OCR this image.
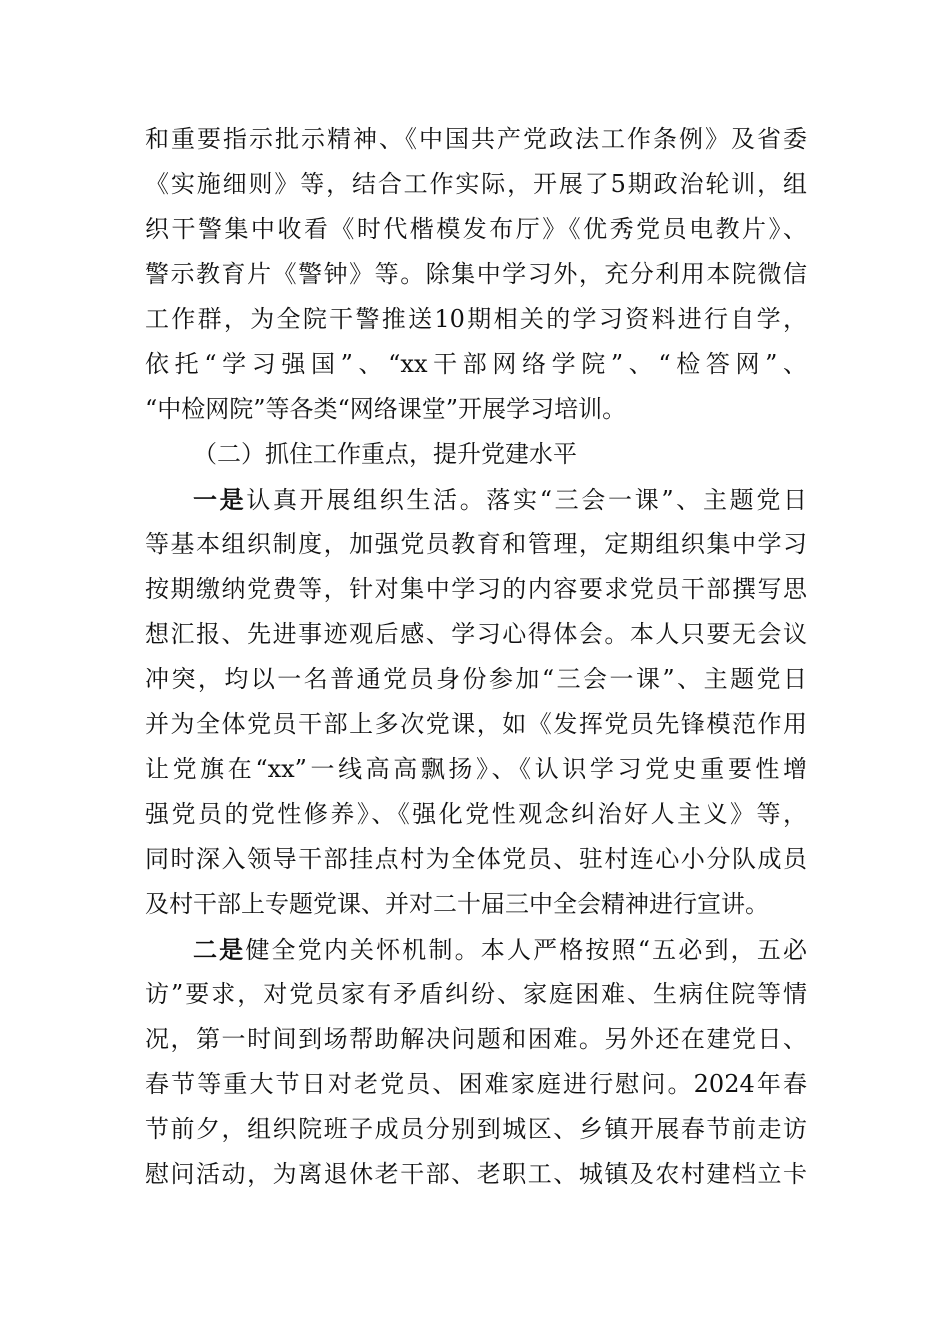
和重要指示批示精神、《中国共产党政法工作条例》及省委
《实施细则》等，结合工作实际，开展了5期政治轮训，组
织干警集中收看《时代楷模发布厅》《优秀党员电教片》、
警示教育片《警钟》等。除集中学习外，充分利用本院微信
工作群，为全院干警推送10期相关的学习资料进行自学，
依托“学习强国”、“xx干部网络学院”、“检答网”、
“中检网院”等各类“网络课堂”开展学习培训。
（二）抓住工作重点，提升党建水平
一是认真开展组织生活。落实“三会一课”、主题党日
等基本组织制度，加强党员教育和管理，定期组织集中学习
按期缴纳党费等，针对集中学习的内容要求党员干部撰写思
想汇报、先进事迹观后感、学习心得体会。本人只要无会议
冲突，均以一名普通党员身份参加“三会一课”、主题党日
并为全体党员干部上多次党课，如《发挥党员先锋模范作用
让党旗在“xx”一线高高飘扬》、《认识学习党史重要性增
强党员的党性修养》、《强化党性观念纠治好人主义》等，
同时深入领导干部挂点村为全体党员、驻村连心小分队成员
及村干部上专题党课、并对二十届三中全会精神进行宣讲。
二是健全党内关怀机制。本人严格按照“五必到，五必
访”要求，对党员家有矛盾纠纷、家庭困难、生病住院等情
况，第一时间到场帮助解决问题和困难。另外还在建党日、
春节等重大节日对老党员、困难家庭进行慰问。2024年春
节前夕，组织院班子成员分别到城区、乡镇开展春节前走访
慰问活动，为离退休老干部、老职工、城镇及农村建档立卡
